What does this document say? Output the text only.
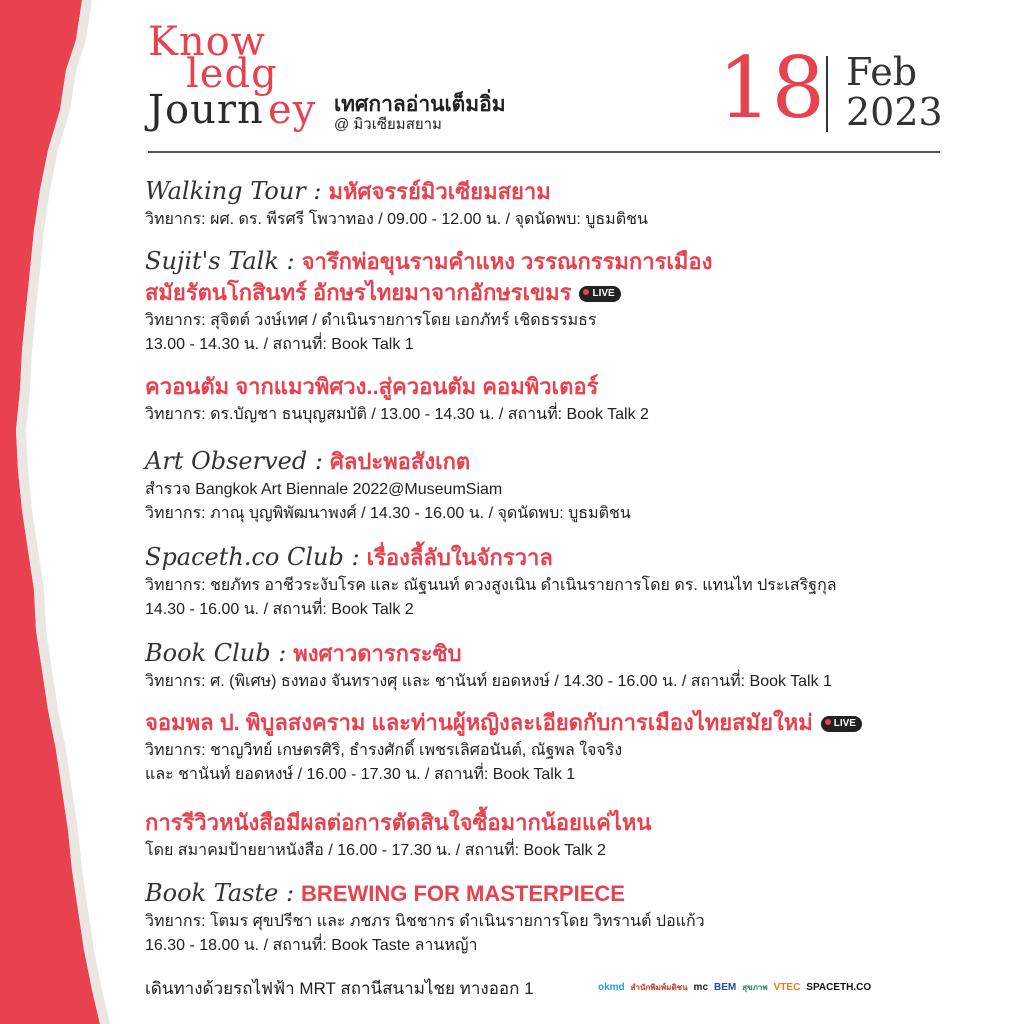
Know
ledg
Journ ey เทศกาลอ่านเต็มอิ่ม
@ มิวเซียมสยาม	18 Feb
2023
Walking Tour : มหัศจรรย์มิวเซียมสยาม
วิทยากร: ผศ. ดร. พีรศรี โพวาทอง / 09.00 - 12.00 น. / จุดนัดพบ: บูธมติชน
Sujit's Talk : จารึกพ่อขุนรามคำแหง วรรณกรรมการเมือง
สมัยรัตนโกสินทร์ อักษรไทยมาจากอักษรเขมร LIVE
วิทยากร: สุจิตต์ วงษ์เทศ / ดำเนินรายการโดย เอกภัทร์ เชิดธรรมธร
13.00 - 14.30 น. / สถานที่: Book Talk 1
ควอนตัม จากแมวพิศวง..สู่ควอนตัม คอมพิวเตอร์
วิทยากร: ดร.บัญชา ธนบุญสมบัติ / 13.00 - 14.30 น. / สถานที่: Book Talk 2
Art Observed : ศิลปะพอสังเกต
สำรวจ Bangkok Art Biennale 2022@MuseumSiam
วิทยากร: ภาณุ บุญพิพัฒนาพงศ์ / 14.30 - 16.00 น. / จุดนัดพบ: บูธมติชน
Spaceth.co Club : เรื่องลี้ลับในจักรวาล
วิทยากร: ชยภัทร อาชีวระงับโรค และ ณัฐนนท์ ดวงสูงเนิน ดำเนินรายการโดย ดร. แทนไท ประเสริฐกุล
14.30 - 16.00 น. / สถานที่: Book Talk 2
Book Club : พงศาวดารกระซิบ
วิทยากร: ศ. (พิเศษ) ธงทอง จันทรางศุ และ ชานันท์ ยอดหงษ์ / 14.30 - 16.00 น. / สถานที่: Book Talk 1
จอมพล ป. พิบูลสงคราม และท่านผู้หญิงละเอียดกับการเมืองไทยสมัยใหม่ LIVE
วิทยากร: ชาญวิทย์ เกษตรศิริ, ธำรงศักดิ์ เพชรเลิศอนันต์, ณัฐพล ใจจริง
และ ชานันท์ ยอดหงษ์ / 16.00 - 17.30 น. / สถานที่: Book Talk 1
การรีวิวหนังสือมีผลต่อการตัดสินใจซื้อมากน้อยแค่ไหน
โดย สมาคมป้ายยาหนังสือ / 16.00 - 17.30 น. / สถานที่: Book Talk 2
Book Taste : BREWING FOR MASTERPIECE
วิทยากร: โตมร ศุขปรีชา และ ภชภร นิชชากร ดำเนินรายการโดย วิทรานต์ ปอแก้ว
16.30 - 18.00 น. / สถานที่: Book Taste ลานหญ้า
เดินทางด้วยรถไฟฟ้า MRT สถานีสนามไชย ทางออก 1	okmd สำนักพิมพ์มติชน mc BEM สุขภาพ VTEC SPACETH.CO
